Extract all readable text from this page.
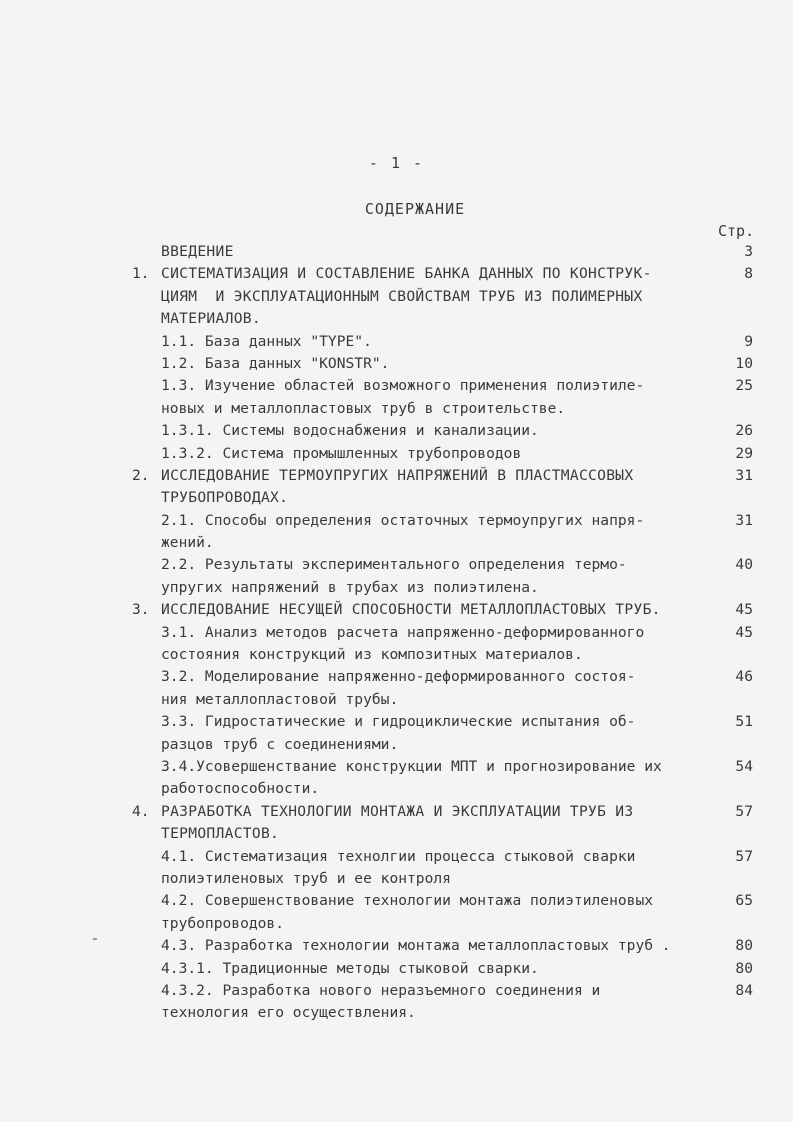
- 1 -
СОДЕРЖАНИЕ
Стр.
ВВЕДЕНИЕ	3
1. СИСТЕМАТИЗАЦИЯ И СОСТАВЛЕНИЕ БАНКА ДАННЫХ ПО КОНСТРУК-	8
ЦИЯМ  И ЭКСПЛУАТАЦИОННЫМ СВОЙСТВАМ ТРУБ ИЗ ПОЛИМЕРНЫХ
МАТЕРИАЛОВ.
1.1. База данных "TYPE".	9
1.2. База данных "KONSTR".	10
1.3. Изучение областей возможного применения полиэтиле-	25
новых и металлопластовых труб в строительстве.
1.3.1. Системы водоснабжения и канализации.	26
1.3.2. Система промышленных трубопроводов	29
2. ИССЛЕДОВАНИЕ ТЕРМОУПРУГИХ НАПРЯЖЕНИЙ В ПЛАСТМАССОВЫХ	31
ТРУБОПРОВОДАХ.
2.1. Способы определения остаточных термоупругих напря-	31
жений.
2.2. Результаты экспериментального определения термо-	40
упругих напряжений в трубах из полиэтилена.
3. ИССЛЕДОВАНИЕ НЕСУЩЕЙ СПОСОБНОСТИ МЕТАЛЛОПЛАСТОВЫХ ТРУБ.	45
3.1. Анализ методов расчета напряженно-деформированного	45
состояния конструкций из композитных материалов.
3.2. Моделирование напряженно-деформированного состоя-	46
ния металлопластовой трубы.
3.3. Гидростатические и гидроциклические испытания об-	51
разцов труб с соединениями.
3.4.Усовершенствание конструкции МПТ и прогнозирование их	54
работоспособности.
4. РАЗРАБОТКА ТЕХНОЛОГИИ МОНТАЖА И ЭКСПЛУАТАЦИИ ТРУБ ИЗ	57
ТЕРМОПЛАСТОВ.
4.1. Систематизация технолгии процесса стыковой сварки	57
полиэтиленовых труб и ее контроля
4.2. Совершенствование технологии монтажа полиэтиленовых	65
трубопроводов.
4.3. Разработка технологии монтажа металлопластовых труб .	80
4.3.1. Традиционные методы стыковой сварки.	80
4.3.2. Разработка нового неразъемного соединения и	84
технология его осуществления.
